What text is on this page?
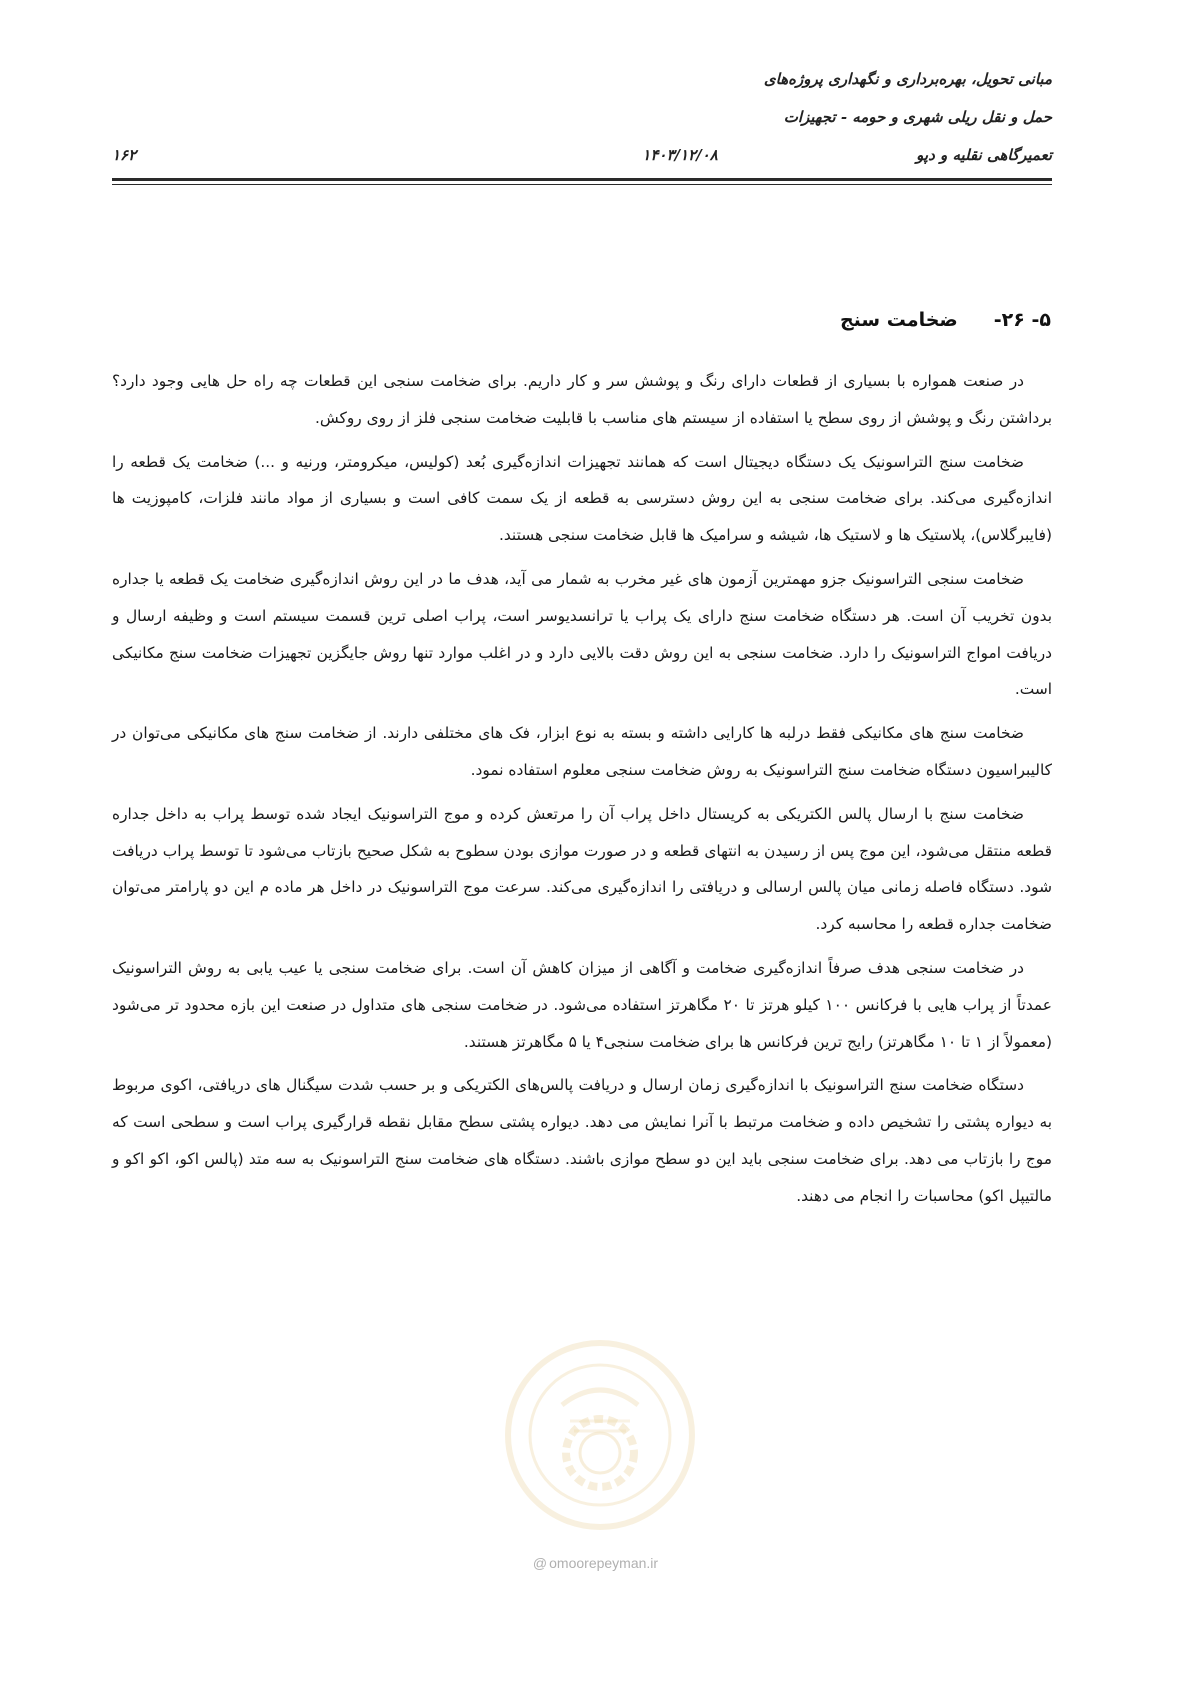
مبانی تحویل، بهره‌برداری و نگهداری پروژه‌های
حمل و نقل ریلی شهری و حومه - تجهیزات
تعمیرگاهی نقلیه و دپو
۱۴۰۳/۱۲/۰۸
۱۶۲
۵- ۲۶-ضخامت سنج

در صنعت همواره با بسیاری از قطعات دارای رنگ و پوشش سر و کار داریم. برای ضخامت سنجی این قطعات چه راه حل هایی وجود دارد؟ برداشتن رنگ و پوشش از روی سطح یا استفاده از سیستم های مناسب با قابلیت ضخامت سنجی فلز از روی روکش.

ضخامت سنج التراسونیک یک دستگاه دیجیتال است که همانند تجهیزات اندازه‌گیری بُعد (کولیس، میکرومتر، ورنیه و ...) ضخامت یک قطعه را اندازه‌گیری می‌کند. برای ضخامت سنجی به این روش دسترسی به قطعه از یک سمت کافی است و بسیاری از مواد مانند فلزات، کامپوزیت ها (فایبرگلاس)، پلاستیک ها و لاستیک ها، شیشه و سرامیک ها قابل ضخامت سنجی هستند.

ضخامت سنجی التراسونیک جزو مهمترین آزمون های غیر مخرب به شمار می آید، هدف ما در این روش اندازه‌گیری ضخامت یک قطعه یا جداره بدون تخریب آن است. هر دستگاه ضخامت سنج دارای یک پراب یا ترانسدیوسر است، پراب اصلی ترین قسمت سیستم است و وظیفه ارسال و دریافت امواج التراسونیک را دارد. ضخامت سنجی به این روش دقت بالایی دارد و در اغلب موارد تنها روش جایگزین تجهیزات ضخامت سنج مکانیکی است.

ضخامت سنج های مکانیکی فقط درلبه ها کارایی داشته و بسته به نوع ابزار، فک های مختلفی دارند. از ضخامت سنج های مکانیکی می‌توان در کالیبراسیون دستگاه ضخامت سنج التراسونیک به روش ضخامت سنجی معلوم استفاده نمود.

ضخامت سنج با ارسال پالس الکتریکی به کریستال داخل پراب آن را مرتعش کرده و موج التراسونیک ایجاد شده توسط پراب به داخل جداره قطعه منتقل می‌شود، این موج پس از رسیدن به انتهای قطعه و در صورت موازی بودن سطوح به شکل صحیح بازتاب می‌شود تا توسط پراب دریافت شود. دستگاه فاصله زمانی میان پالس ارسالی و دریافتی را اندازه‌گیری می‌کند. سرعت موج التراسونیک در داخل هر ماده م این دو پارامتر می‌توان ضخامت جداره قطعه را محاسبه کرد.

در ضخامت سنجی هدف صرفاً اندازه‌گیری ضخامت و آگاهی از میزان کاهش آن است. برای ضخامت سنجی یا عیب یابی به روش التراسونیک عمدتاً از پراب هایی با فرکانس ۱۰۰ کیلو هرتز تا ۲۰ مگاهرتز استفاده می‌شود. در ضخامت سنجی های متداول در صنعت این بازه محدود تر می‌شود (معمولاً از ۱ تا ۱۰ مگاهرتز) رایج ترین فرکانس ها برای ضخامت سنجی۴ یا ۵ مگاهرتز هستند.

دستگاه ضخامت سنج التراسونیک با اندازه‌گیری زمان ارسال و دریافت پالس‌های الکتریکی و بر حسب شدت سیگنال های دریافتی، اکوی مربوط به دیواره پشتی را تشخیص داده و ضخامت مرتبط با آنرا نمایش می دهد. دیواره پشتی سطح مقابل نقطه قرارگیری پراب است و سطحی است که موج را بازتاب می دهد. برای ضخامت سنجی باید این دو سطح موازی باشند. دستگاه های ضخامت سنج التراسونیک به سه متد (پالس اکو، اکو اکو و مالتیپل اکو) محاسبات را انجام می دهند.

@ omoorepeyman.ir
